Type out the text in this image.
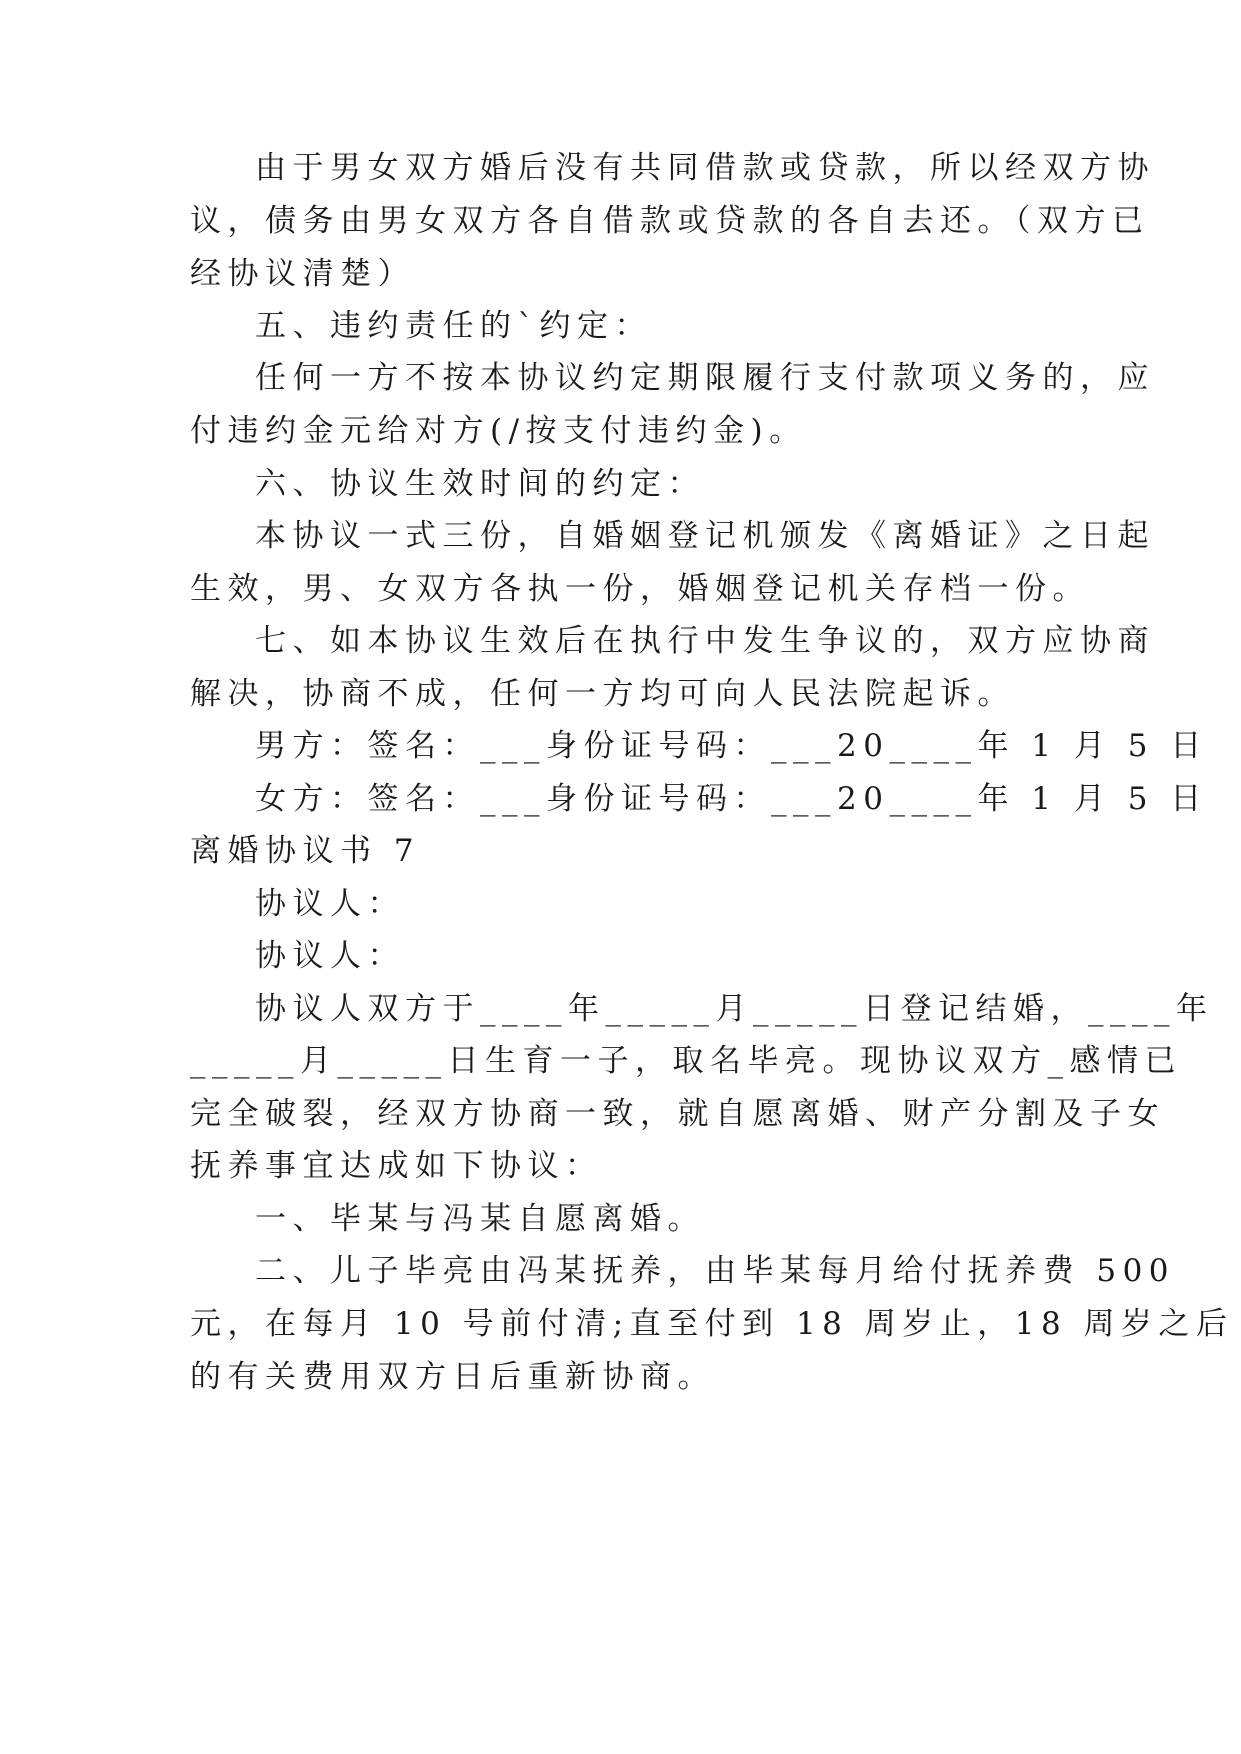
由于男女双方婚后没有共同借款或贷款，所以经双方协
议，债务由男女双方各自借款或贷款的各自去还。（双方已
经协议清楚）
五、违约责任的`约定：
任何一方不按本协议约定期限履行支付款项义务的，应
付违约金元给对方(/按支付违约金)。
六、协议生效时间的约定：
本协议一式三份，自婚姻登记机颁发《离婚证》之日起
生效，男、女双方各执一份，婚姻登记机关存档一份。
七、如本协议生效后在执行中发生争议的，双方应协商
解决，协商不成，任何一方均可向人民法院起诉。
男方：签名：___身份证号码：___20____年 1 月 5 日
女方：签名：___身份证号码：___20____年 1 月 5 日
离婚协议书 7
协议人：
协议人：
协议人双方于____年_____月_____日登记结婚，____年
_____月_____日生育一子，取名毕亮。现协议双方_感情已
完全破裂，经双方协商一致，就自愿离婚、财产分割及子女
抚养事宜达成如下协议：
一、毕某与冯某自愿离婚。
二、儿子毕亮由冯某抚养，由毕某每月给付抚养费 500
元，在每月 10 号前付清;直至付到 18 周岁止，18 周岁之后
的有关费用双方日后重新协商。
